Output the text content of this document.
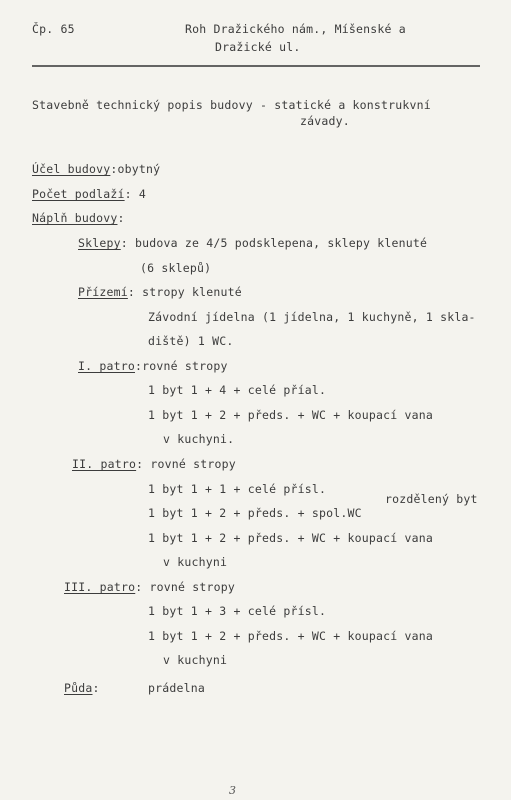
Čp. 65	Roh Dražického nám., Míšenské a
Dražické ul.
Stavebně technický popis budovy - statické a konstrukvní
závady.
Účel budovy:obytný
Počet podlaží: 4
Náplň budovy:
Sklepy: budova ze 4/5 podsklepena, sklepy klenuté
(6 sklepů)
Přízemí: stropy klenuté
Závodní jídelna (1 jídelna, 1 kuchyně, 1 skla-
diště) 1 WC.
I. patro:rovné stropy
1 byt 1 + 4 + celé příal.
1 byt 1 + 2 + předs. + WC + koupací vana
v kuchyni.
II. patro: rovné stropy
1 byt 1 + 1 + celé přísl.
rozdělený byt
1 byt 1 + 2 + předs. + spol.WC
1 byt 1 + 2 + předs. + WC + koupací vana
v kuchyni
III. patro: rovné stropy
1 byt 1 + 3 + celé přísl.
1 byt 1 + 2 + předs. + WC + koupací vana
v kuchyni
Půda:	prádelna
3
